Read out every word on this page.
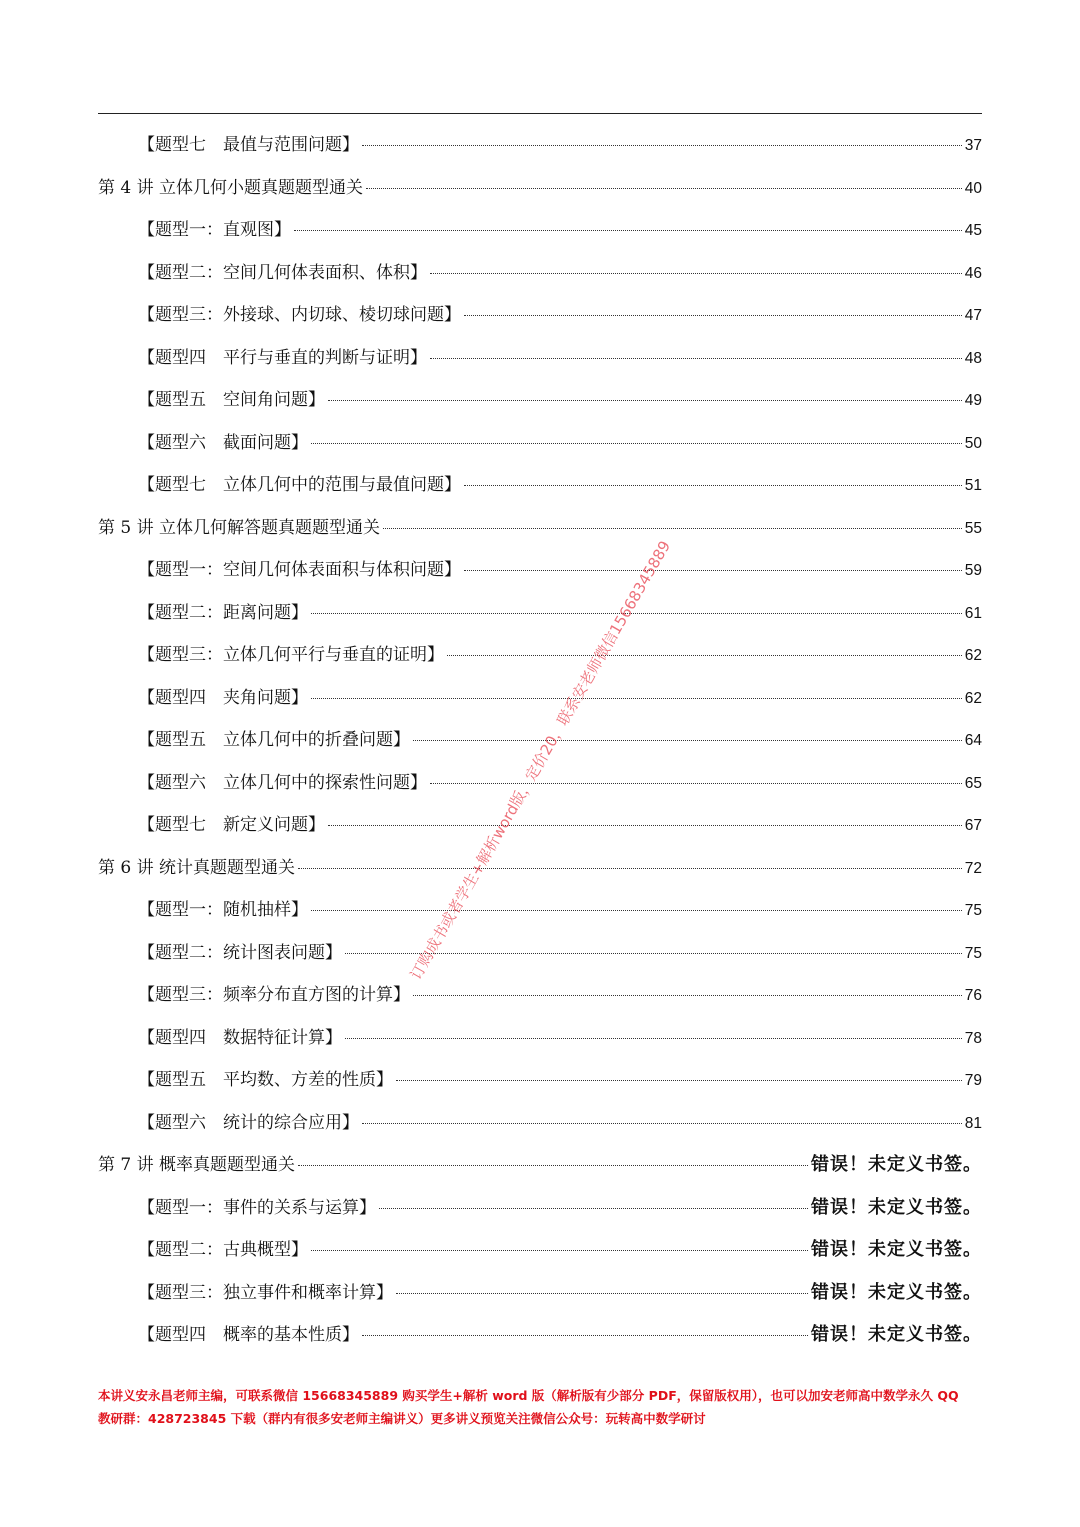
【题型七　最值与范围问题】	37
第 4 讲 立体几何小题真题题型通关	40
【题型一：直观图】	45
【题型二：空间几何体表面积、体积】	46
【题型三：外接球、内切球、棱切球问题】	47
【题型四　平行与垂直的判断与证明】	48
【题型五　空间角问题】	49
【题型六　截面问题】	50
【题型七　立体几何中的范围与最值问题】	51
第 5 讲 立体几何解答题真题题型通关	55
【题型一：空间几何体表面积与体积问题】	59
【题型二：距离问题】	61
【题型三：立体几何平行与垂直的证明】	62
【题型四　夹角问题】	62
【题型五　立体几何中的折叠问题】	64
【题型六　立体几何中的探索性问题】	65
【题型七　新定义问题】	67
第 6 讲 统计真题题型通关	72
【题型一：随机抽样】	75
【题型二：统计图表问题】	75
【题型三：频率分布直方图的计算】	76
【题型四　数据特征计算】	78
【题型五　平均数、方差的性质】	79
【题型六　统计的综合应用】	81
第 7 讲 概率真题题型通关	错误！未定义书签。
【题型一：事件的关系与运算】	错误！未定义书签。
【题型二：古典概型】	错误！未定义书签。
【题型三：独立事件和概率计算】	错误！未定义书签。
【题型四　概率的基本性质】	错误！未定义书签。

本讲义安永昌老师主编，可联系微信 15668345889 购买学生+解析 word 版（解析版有少部分 PDF，保留版权用），也可以加安老师高中数学永久 QQ

教研群：428723845 下载（群内有很多安老师主编讲义）更多讲义预览关注微信公众号：玩转高中数学研讨

订购成书或者学生+解析word版，定价20，联系安老师微信15668345889
